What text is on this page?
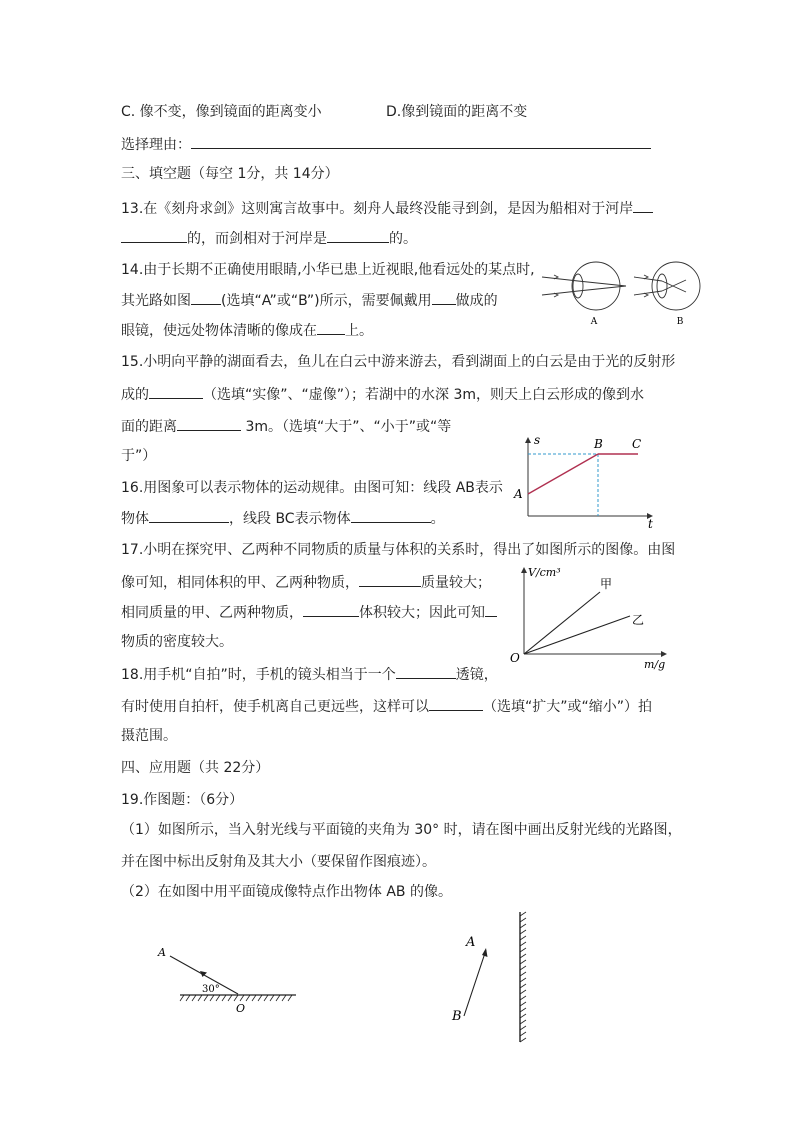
C. 像不变，像到镜面的距离变小	D.像到镜面的距离不变
选择理由：
三、填空题（每空 1分，共 14分）
13.在《刻舟求剑》这则寓言故事中。刻舟人最终没能寻到剑，是因为船相对于河岸
的，而剑相对于河岸是	的。
14.由于长期不正确使用眼睛,小华已患上近视眼,他看远处的某点时,
其光路如图 (选填“A”或“B”)所示，需要佩戴用 做成的
眼镜，使远处物体清晰的像成在 上。
A	B
15.小明向平静的湖面看去，鱼儿在白云中游来游去，看到湖面上的白云是由于光的反射形
成的	（选填“实像”、“虚像”）；若湖中的水深 3m，则天上白云形成的像到水
面的距离	3m。（选填“大于”、“小于”或“等
于”）
16.用图象可以表示物体的运动规律。由图可知：线段 AB表示
物体	，线段 BC表示物体	。
s
t
A
B C
17.小明在探究甲、乙两种不同物质的质量与体积的关系时，得出了如图所示的图像。由图
像可知，相同体积的甲、乙两种物质，	质量较大；
相同质量的甲、乙两种物质，	体积较大；因此可知
物质的密度较大。
V/cm³
m/g
O
甲
乙
18.用手机“自拍”时，手机的镜头相当于一个	透镜，
有时使用自拍杆，使手机离自己更远些，这样可以	（选填“扩大”或“缩小”）拍
摄范围。
四、应用题（共 22分）
19.作图题：（6分）
（1）如图所示，当入射光线与平面镜的夹角为 30° 时，请在图中画出反射光线的光路图，
并在图中标出反射角及其大小（要保留作图痕迹）。
（2）在如图中用平面镜成像特点作出物体 AB 的像。
A
30°
O
A
B
